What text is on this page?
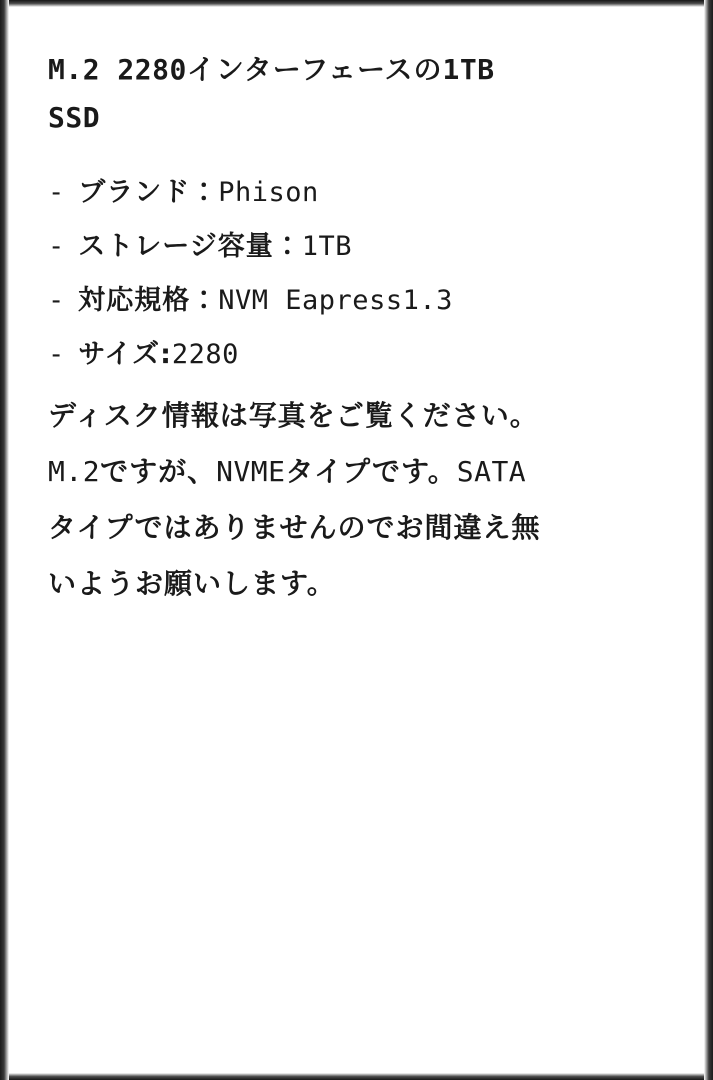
M.2 2280インターフェースの1TB
SSD
- ブランド：Phison
- ストレージ容量：1TB
- 対応規格：NVM Eapress1.3
- サイズ:2280

ディスク情報は写真をご覧ください。

M.2ですが、NVMEタイプです。SATA

タイプではありませんのでお間違え無

いようお願いします。
